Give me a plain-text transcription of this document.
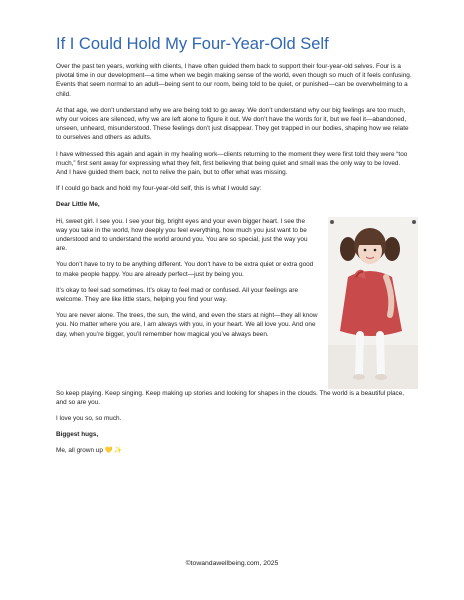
If I Could Hold My Four-Year-Old Self

Over the past ten years, working with clients, I have often guided them back to support their four-year-old selves. Four is a pivotal time in our development—a time when we begin making sense of the world, even though so much of it feels confusing. Events that seem normal to an adult—being sent to our room, being told to be quiet, or punished—can be overwhelming to a child.

At that age, we don’t understand why we are being told to go away. We don’t understand why our big feelings are too much, why our voices are silenced, why we are left alone to figure it out. We don’t have the words for it, but we feel it—abandoned, unseen, unheard, misunderstood. These feelings don’t just disappear. They get trapped in our bodies, shaping how we relate to ourselves and others as adults.

I have witnessed this again and again in my healing work—clients returning to the moment they were first told they were “too much,” first sent away for expressing what they felt, first believing that being quiet and small was the only way to be loved. And I have guided them back, not to relive the pain, but to offer what was missing.

If I could go back and hold my four-year-old self, this is what I would say:

Dear Little Me,

Hi, sweet girl. I see you. I see your big, bright eyes and your even bigger heart. I see the way you take in the world, how deeply you feel everything, how much you just want to be understood and to understand the world around you. You are so special, just the way you are.

You don’t have to try to be anything different. You don’t have to be extra quiet or extra good to make people happy. You are already perfect—just by being you.

It’s okay to feel sad sometimes. It’s okay to feel mad or confused. All your feelings are welcome. They are like little stars, helping you find your way.

You are never alone. The trees, the sun, the wind, and even the stars at night—they all know you. No matter where you are, I am always with you, in your heart. We all love you. And one day, when you’re bigger, you’ll remember how magical you’ve always been.

So keep playing. Keep singing. Keep making up stories and looking for shapes in the clouds. The world is a beautiful place, and so are you.

I love you so, so much.

Biggest hugs,

Me, all grown up 💛 ✨

©towandawellbeing.com, 2025
